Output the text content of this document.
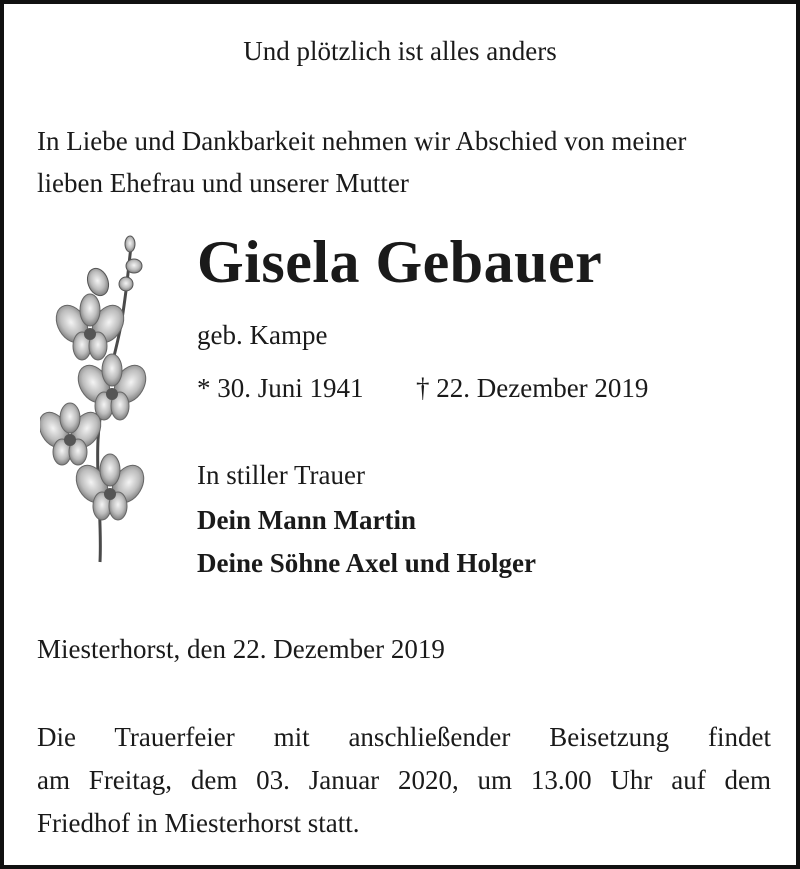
Und plötzlich ist alles anders

In Liebe und Dankbarkeit nehmen wir Abschied von meiner

lieben Ehefrau und unserer Mutter

Gisela Gebauer

geb. Kampe

* 30. Juni 1941 † 22. Dezember 2019

In stiller Trauer

Dein Mann Martin

Deine Söhne Axel und Holger

Miesterhorst, den 22. Dezember 2019

Die Trauerfeier mit anschließender Beisetzung findet

am Freitag, dem 03. Januar 2020, um 13.00 Uhr auf dem

Friedhof in Miesterhorst statt.
